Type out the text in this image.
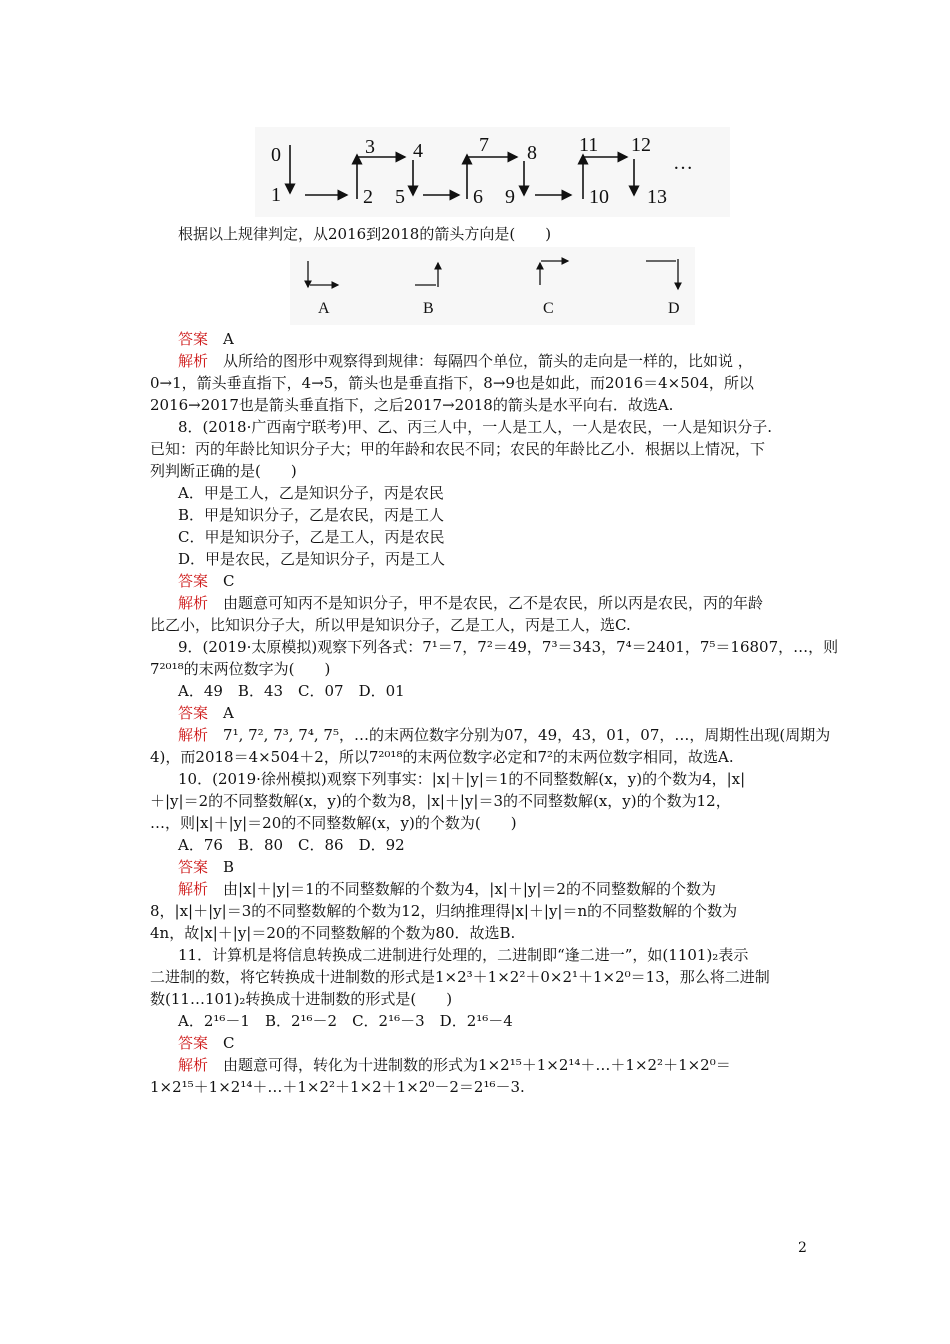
0
1	2
3 4
5	6
7 8
9	10
11 12
13
…
根据以上规律判定，从2016到2018的箭头方向是(　　)
A	B	C	D
答案　 A
解析　 从所给的图形中观察得到规律：每隔四个单位，箭头的走向是一样的，比如说 ，
0→1，箭头垂直指下，4→5，箭头也是垂直指下，8→9也是如此，而2016＝4×504，所以
2016→2017也是箭头垂直指下，之后2017→2018的箭头是水平向右．故选A.
8．(2018·广西南宁联考)甲、乙、丙三人中，一人是工人，一人是农民，一人是知识分子.
已知：丙的年龄比知识分子大；甲的年龄和农民不同；农民的年龄比乙小．根据以上情况，下
列判断正确的是(　　)
A．甲是工人，乙是知识分子，丙是农民
B．甲是知识分子，乙是农民，丙是工人
C．甲是知识分子，乙是工人，丙是农民
D．甲是农民，乙是知识分子，丙是工人
答案　 C
解析　 由题意可知丙不是知识分子，甲不是农民，乙不是农民，所以丙是农民，丙的年龄
比乙小，比知识分子大，所以甲是知识分子，乙是工人，丙是工人，选C.
9．(2019·太原模拟)观察下列各式：7¹＝7，7²＝49，7³＝343，7⁴＝2401，7⁵＝16807，…，则
7²⁰¹⁸的末两位数字为(　　)
A．49　B．43　C．07　D．01
答案　 A
解析　 7¹, 7², 7³, 7⁴, 7⁵，…的末两位数字分别为07，49，43，01，07，…，周期性出现(周期为
4)，而2018＝4×504＋2，所以7²⁰¹⁸的末两位数字必定和7²的末两位数字相同，故选A.
10．(2019·徐州模拟)观察下列事实：|x|＋|y|＝1的不同整数解(x，y)的个数为4，|x|
＋|y|＝2的不同整数解(x，y)的个数为8，|x|＋|y|＝3的不同整数解(x，y)的个数为12，
…，则|x|＋|y|＝20的不同整数解(x，y)的个数为(　　)
A．76　B．80　C．86　D．92
答案　 B
解析　 由|x|＋|y|＝1的不同整数解的个数为4，|x|＋|y|＝2的不同整数解的个数为
8，|x|＋|y|＝3的不同整数解的个数为12，归纳推理得|x|＋|y|＝n的不同整数解的个数为
4n，故|x|＋|y|＝20的不同整数解的个数为80．故选B.
11．计算机是将信息转换成二进制进行处理的，二进制即“逢二进一”，如(1101)₂表示
二进制的数，将它转换成十进制数的形式是1×2³＋1×2²＋0×2¹＋1×2⁰＝13，那么将二进制
数(11…101)₂转换成十进制数的形式是(　　)
A．2¹⁶－1　B．2¹⁶－2　C．2¹⁶－3　D．2¹⁶－4
答案　 C
解析　 由题意可得，转化为十进制数的形式为1×2¹⁵＋1×2¹⁴＋…＋1×2²＋1×2⁰＝
1×2¹⁵＋1×2¹⁴＋…＋1×2²＋1×2＋1×2⁰－2＝2¹⁶－3.
2
